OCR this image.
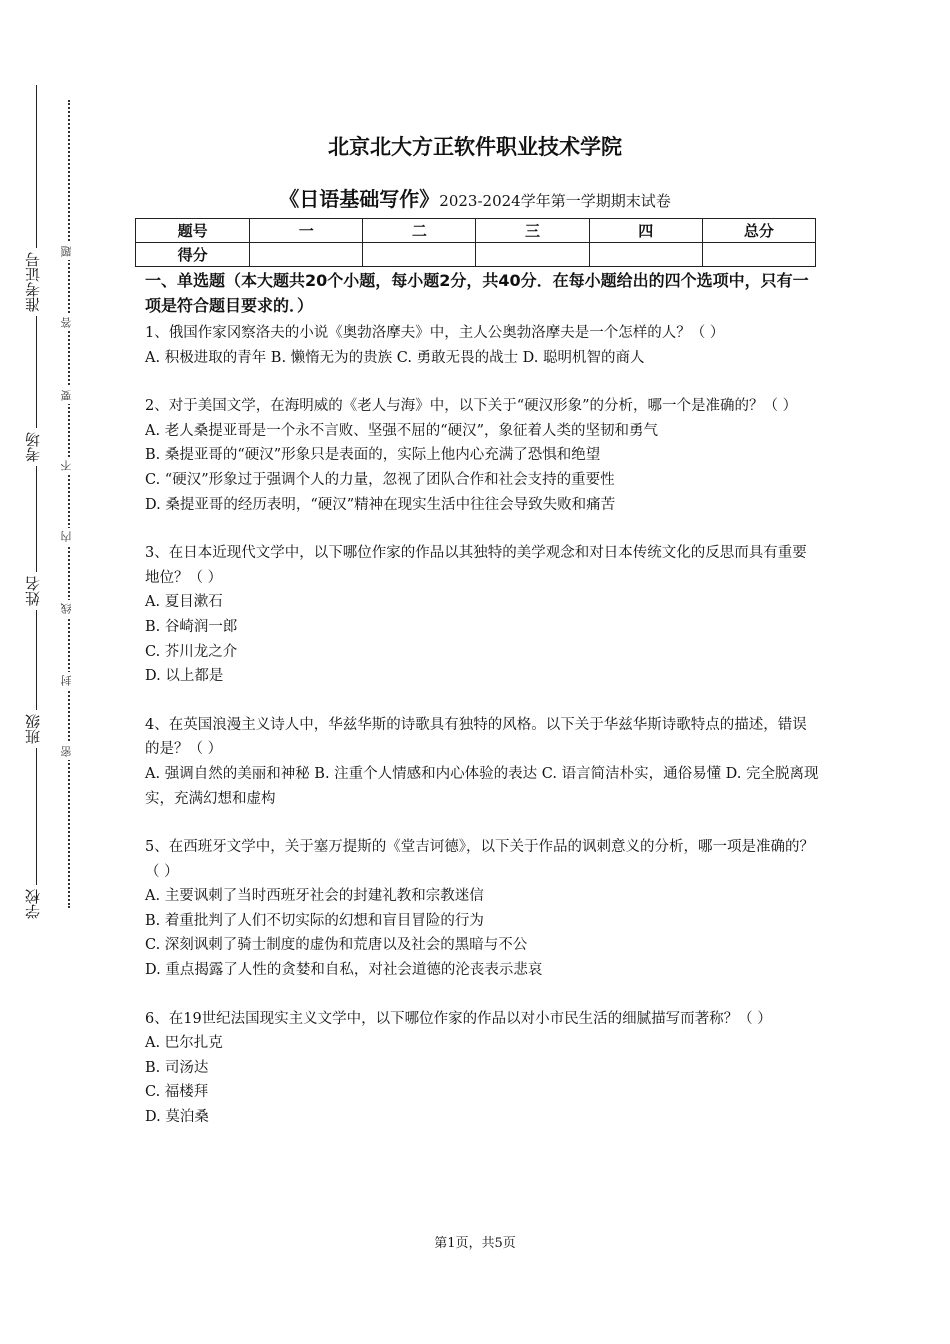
准考证号
考场
姓名
班级
学校
题
答
要
不
内
线
封
密
北京北大方正软件职业技术学院
《日语基础写作》2023-2024学年第一学期期末试卷
题号	一	二	三	四	总分
得分					
一、单选题（本大题共20个小题，每小题2分，共40分．在每小题给出的四个选项中，只有一项是符合题目要求的．）

1、俄国作家冈察洛夫的小说《奥勃洛摩夫》中，主人公奥勃洛摩夫是一个怎样的人？（ ）

A. 积极进取的青年 B. 懒惰无为的贵族 C. 勇敢无畏的战士 D. 聪明机智的商人

2、对于美国文学，在海明威的《老人与海》中，以下关于“硬汉形象”的分析，哪一个是准确的？（ ）

A. 老人桑提亚哥是一个永不言败、坚强不屈的“硬汉”，象征着人类的坚韧和勇气

B. 桑提亚哥的“硬汉”形象只是表面的，实际上他内心充满了恐惧和绝望

C. “硬汉”形象过于强调个人的力量，忽视了团队合作和社会支持的重要性

D. 桑提亚哥的经历表明，“硬汉”精神在现实生活中往往会导致失败和痛苦

3、在日本近现代文学中，以下哪位作家的作品以其独特的美学观念和对日本传统文化的反思而具有重要地位？（ ）

A. 夏目漱石

B. 谷崎润一郎

C. 芥川龙之介

D. 以上都是

4、在英国浪漫主义诗人中，华兹华斯的诗歌具有独特的风格。以下关于华兹华斯诗歌特点的描述，错误的是？（ ）

A. 强调自然的美丽和神秘 B. 注重个人情感和内心体验的表达 C. 语言简洁朴实，通俗易懂 D. 完全脱离现实，充满幻想和虚构

5、在西班牙文学中，关于塞万提斯的《堂吉诃德》，以下关于作品的讽刺意义的分析，哪一项是准确的？（ ）

A. 主要讽刺了当时西班牙社会的封建礼教和宗教迷信

B. 着重批判了人们不切实际的幻想和盲目冒险的行为

C. 深刻讽刺了骑士制度的虚伪和荒唐以及社会的黑暗与不公

D. 重点揭露了人性的贪婪和自私，对社会道德的沦丧表示悲哀

6、在19世纪法国现实主义文学中，以下哪位作家的作品以对小市民生活的细腻描写而著称？（ ）

A. 巴尔扎克

B. 司汤达

C. 福楼拜

D. 莫泊桑

第1页，共5页
